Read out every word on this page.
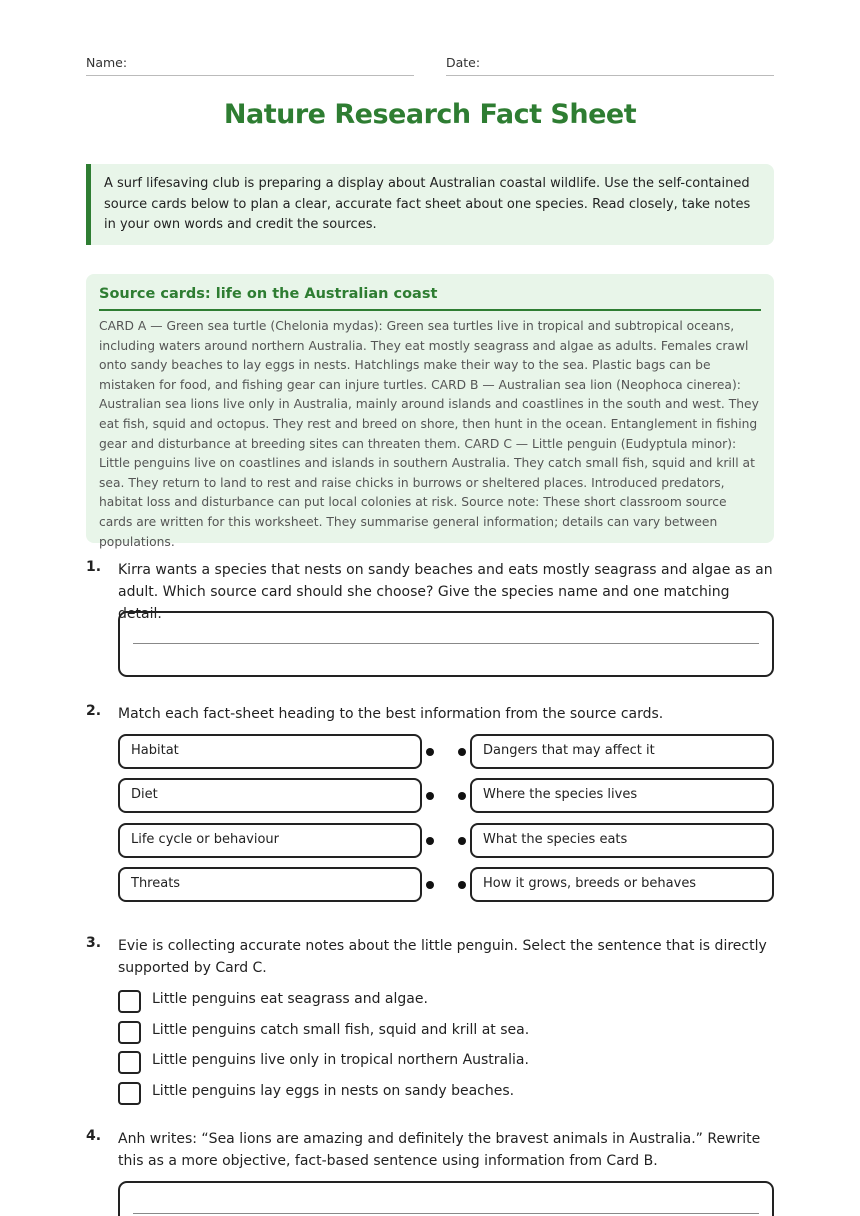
Name:	Date:
Nature Research Fact Sheet
A surf lifesaving club is preparing a display about Australian coastal wildlife. Use the self-contained source cards below to plan a clear, accurate fact sheet about one species. Read closely, take notes in your own words and credit the sources.
Source cards: life on the Australian coast
CARD A — Green sea turtle (Chelonia mydas): Green sea turtles live in tropical and subtropical oceans, including waters around northern Australia. They eat mostly seagrass and algae as adults. Females crawl onto sandy beaches to lay eggs in nests. Hatchlings make their way to the sea. Plastic bags can be mistaken for food, and fishing gear can injure turtles. CARD B — Australian sea lion (Neophoca cinerea): Australian sea lions live only in Australia, mainly around islands and coastlines in the south and west. They eat fish, squid and octopus. They rest and breed on shore, then hunt in the ocean. Entanglement in fishing gear and disturbance at breeding sites can threaten them. CARD C — Little penguin (Eudyptula minor): Little penguins live on coastlines and islands in southern Australia. They catch small fish, squid and krill at sea. They return to land to rest and raise chicks in burrows or sheltered places. Introduced predators, habitat loss and disturbance can put local colonies at risk. Source note: These short classroom source cards are written for this worksheet. They summarise general information; details can vary between populations.
1. Kirra wants a species that nests on sandy beaches and eats mostly seagrass and algae as an adult. Which source card should she choose? Give the species name and one matching detail.
2. Match each fact-sheet heading to the best information from the source cards.
Habitat	Dangers that may affect it
Diet	Where the species lives
Life cycle or behaviour	What the species eats
Threats	How it grows, breeds or behaves
3. Evie is collecting accurate notes about the little penguin. Select the sentence that is directly supported by Card C.
Little penguins eat seagrass and algae.
Little penguins catch small fish, squid and krill at sea.
Little penguins live only in tropical northern Australia.
Little penguins lay eggs in nests on sandy beaches.
4. Anh writes: “Sea lions are amazing and definitely the bravest animals in Australia.” Rewrite this as a more objective, fact-based sentence using information from Card B.
